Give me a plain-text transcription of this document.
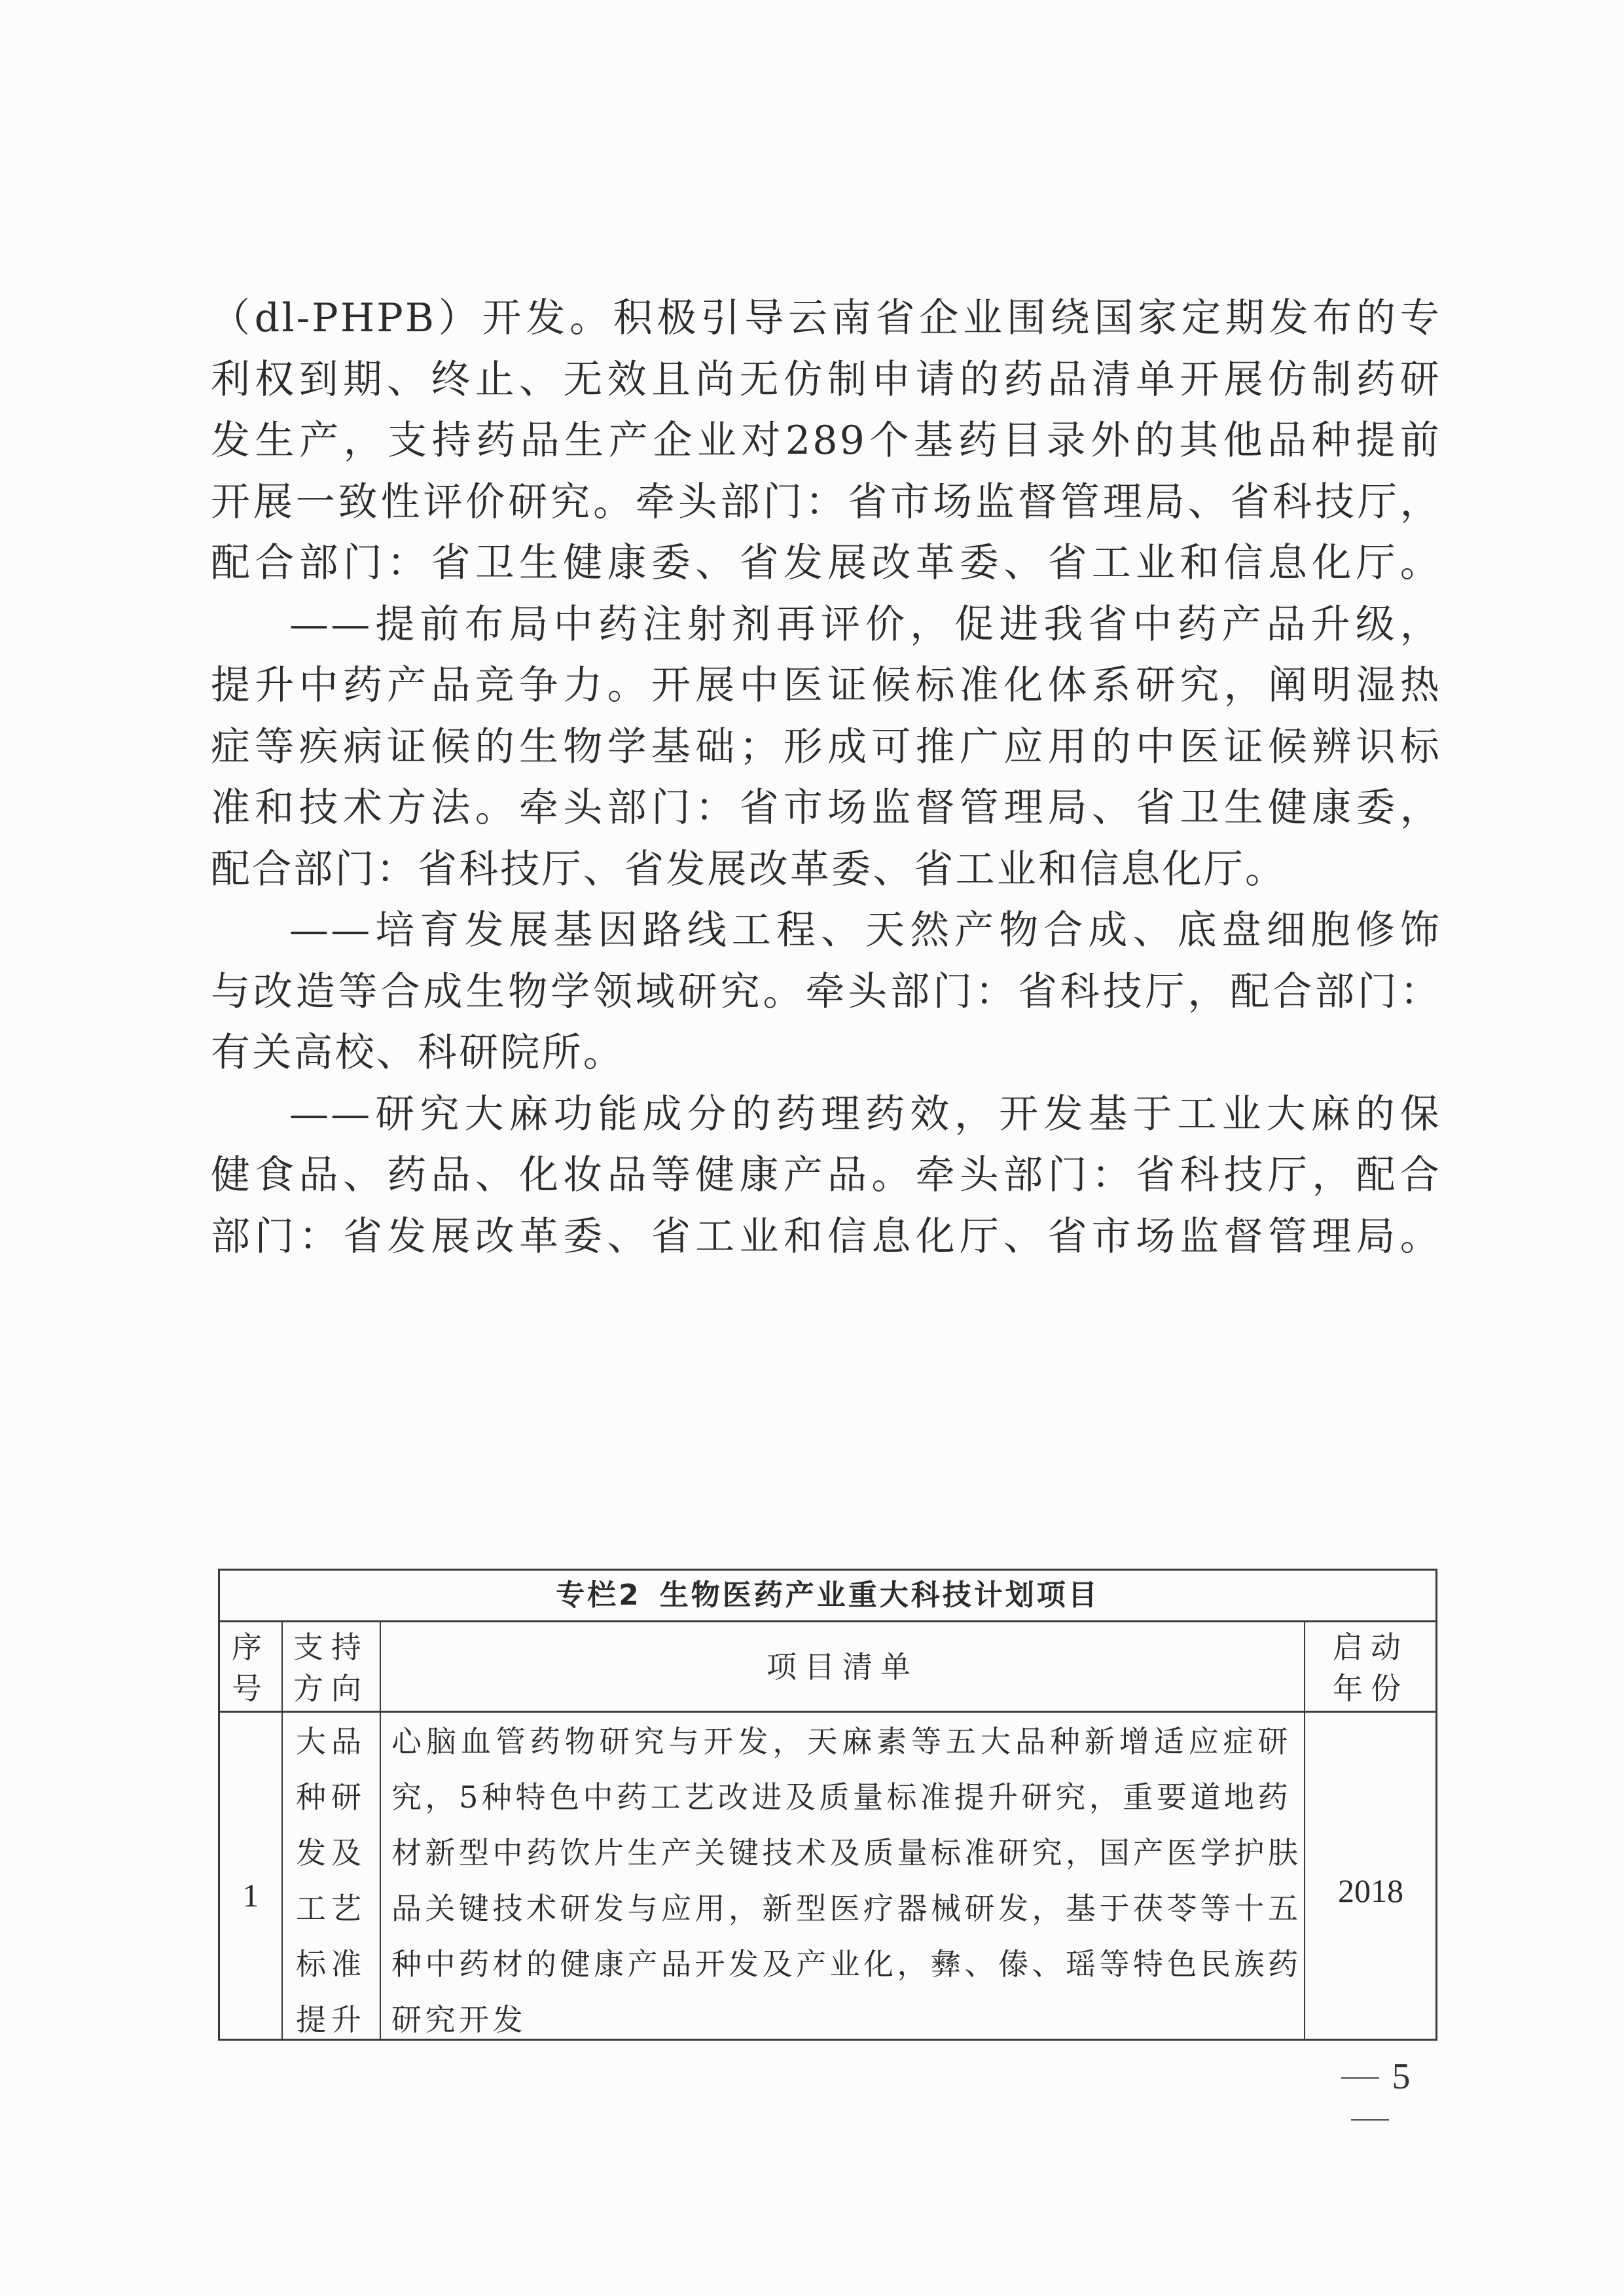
（dl-PHPB）开发。积极引导云南省企业围绕国家定期发布的专
利权到期、终止、无效且尚无仿制申请的药品清单开展仿制药研
发生产，支持药品生产企业对289个基药目录外的其他品种提前
开展一致性评价研究。牵头部门：省市场监督管理局、省科技厅，
配合部门：省卫生健康委、省发展改革委、省工业和信息化厅。
——提前布局中药注射剂再评价，促进我省中药产品升级，
提升中药产品竞争力。开展中医证候标准化体系研究，阐明湿热
症等疾病证候的生物学基础；形成可推广应用的中医证候辨识标
准和技术方法。牵头部门：省市场监督管理局、省卫生健康委，
配合部门：省科技厅、省发展改革委、省工业和信息化厅。
——培育发展基因路线工程、天然产物合成、底盘细胞修饰
与改造等合成生物学领域研究。牵头部门：省科技厅，配合部门：
有关高校、科研院所。
——研究大麻功能成分的药理药效，开发基于工业大麻的保
健食品、药品、化妆品等健康产品。牵头部门：省科技厅，配合
部门：省发展改革委、省工业和信息化厅、省市场监督管理局。
专栏2 生物医药产业重大科技计划项目
序
号
支持
方向
项目清单
启动
年份
1
大品
种研
发及
工艺
标准
提升
心脑血管药物研究与开发，天麻素等五大品种新增适应症研
究，5种特色中药工艺改进及质量标准提升研究，重要道地药
材新型中药饮片生产关键技术及质量标准研究，国产医学护肤
品关键技术研发与应用，新型医疗器械研发，基于茯苓等十五
种中药材的健康产品开发及产业化，彝、傣、瑶等特色民族药
研究开发
2018
5
